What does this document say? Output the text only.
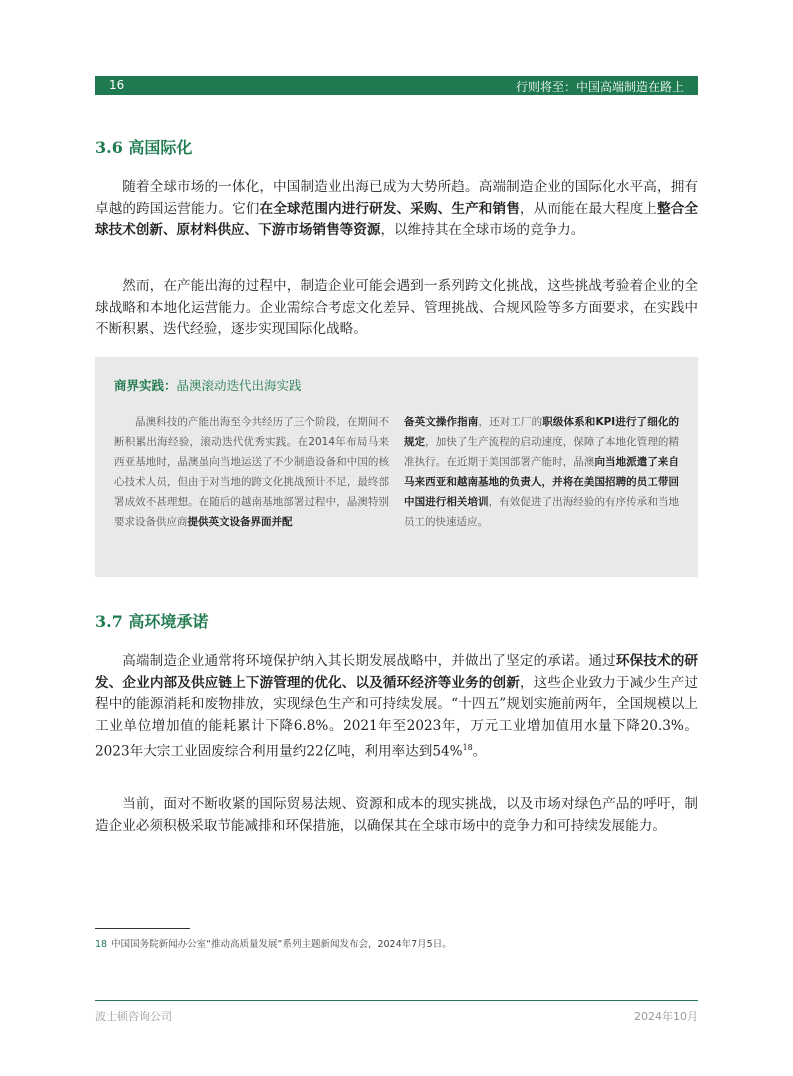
16	行则将至：中国高端制造在路上
3.6 高国际化

随着全球市场的一体化，中国制造业出海已成为大势所趋。高端制造企业的国际化水平高，拥有卓越的跨国运营能力。它们在全球范围内进行研发、采购、生产和销售，从而能在最大程度上整合全球技术创新、原材料供应、下游市场销售等资源，以维持其在全球市场的竞争力。

然而，在产能出海的过程中，制造企业可能会遇到一系列跨文化挑战，这些挑战考验着企业的全球战略和本地化运营能力。企业需综合考虑文化差异、管理挑战、合规风险等多方面要求，在实践中不断积累、迭代经验，逐步实现国际化战略。

商界实践：晶澳滚动迭代出海实践

晶澳科技的产能出海至今共经历了三个阶段，在期间不断积累出海经验，滚动迭代优秀实践。在2014年布局马来西亚基地时，晶澳虽向当地运送了不少制造设备和中国的核心技术人员，但由于对当地的跨文化挑战预计不足，最终部署成效不甚理想。在随后的越南基地部署过程中，晶澳特别要求设备供应商提供英文设备界面并配

备英文操作指南，还对工厂的职级体系和KPI进行了细化的规定，加快了生产流程的启动速度，保障了本地化管理的精准执行。在近期于美国部署产能时，晶澳向当地派遣了来自马来西亚和越南基地的负责人，并将在美国招聘的员工带回中国进行相关培训，有效促进了出海经验的有序传承和当地员工的快速适应。

3.7 高环境承诺

高端制造企业通常将环境保护纳入其长期发展战略中，并做出了坚定的承诺。通过环保技术的研发、企业内部及供应链上下游管理的优化、以及循环经济等业务的创新，这些企业致力于减少生产过程中的能源消耗和废物排放，实现绿色生产和可持续发展。“十四五”规划实施前两年，全国规模以上工业单位增加值的能耗累计下降6.8%。2021年至2023年，万元工业增加值用水量下降20.3%。2023年大宗工业固废综合利用量约22亿吨，利用率达到54%$^{18}$。

当前，面对不断收紧的国际贸易法规、资源和成本的现实挑战，以及市场对绿色产品的呼吁，制造企业必须积极采取节能减排和环保措施，以确保其在全球市场中的竞争力和可持续发展能力。

18 中国国务院新闻办公室“推动高质量发展”系列主题新闻发布会，2024年7月5日。
波士顿咨询公司	2024年10月
